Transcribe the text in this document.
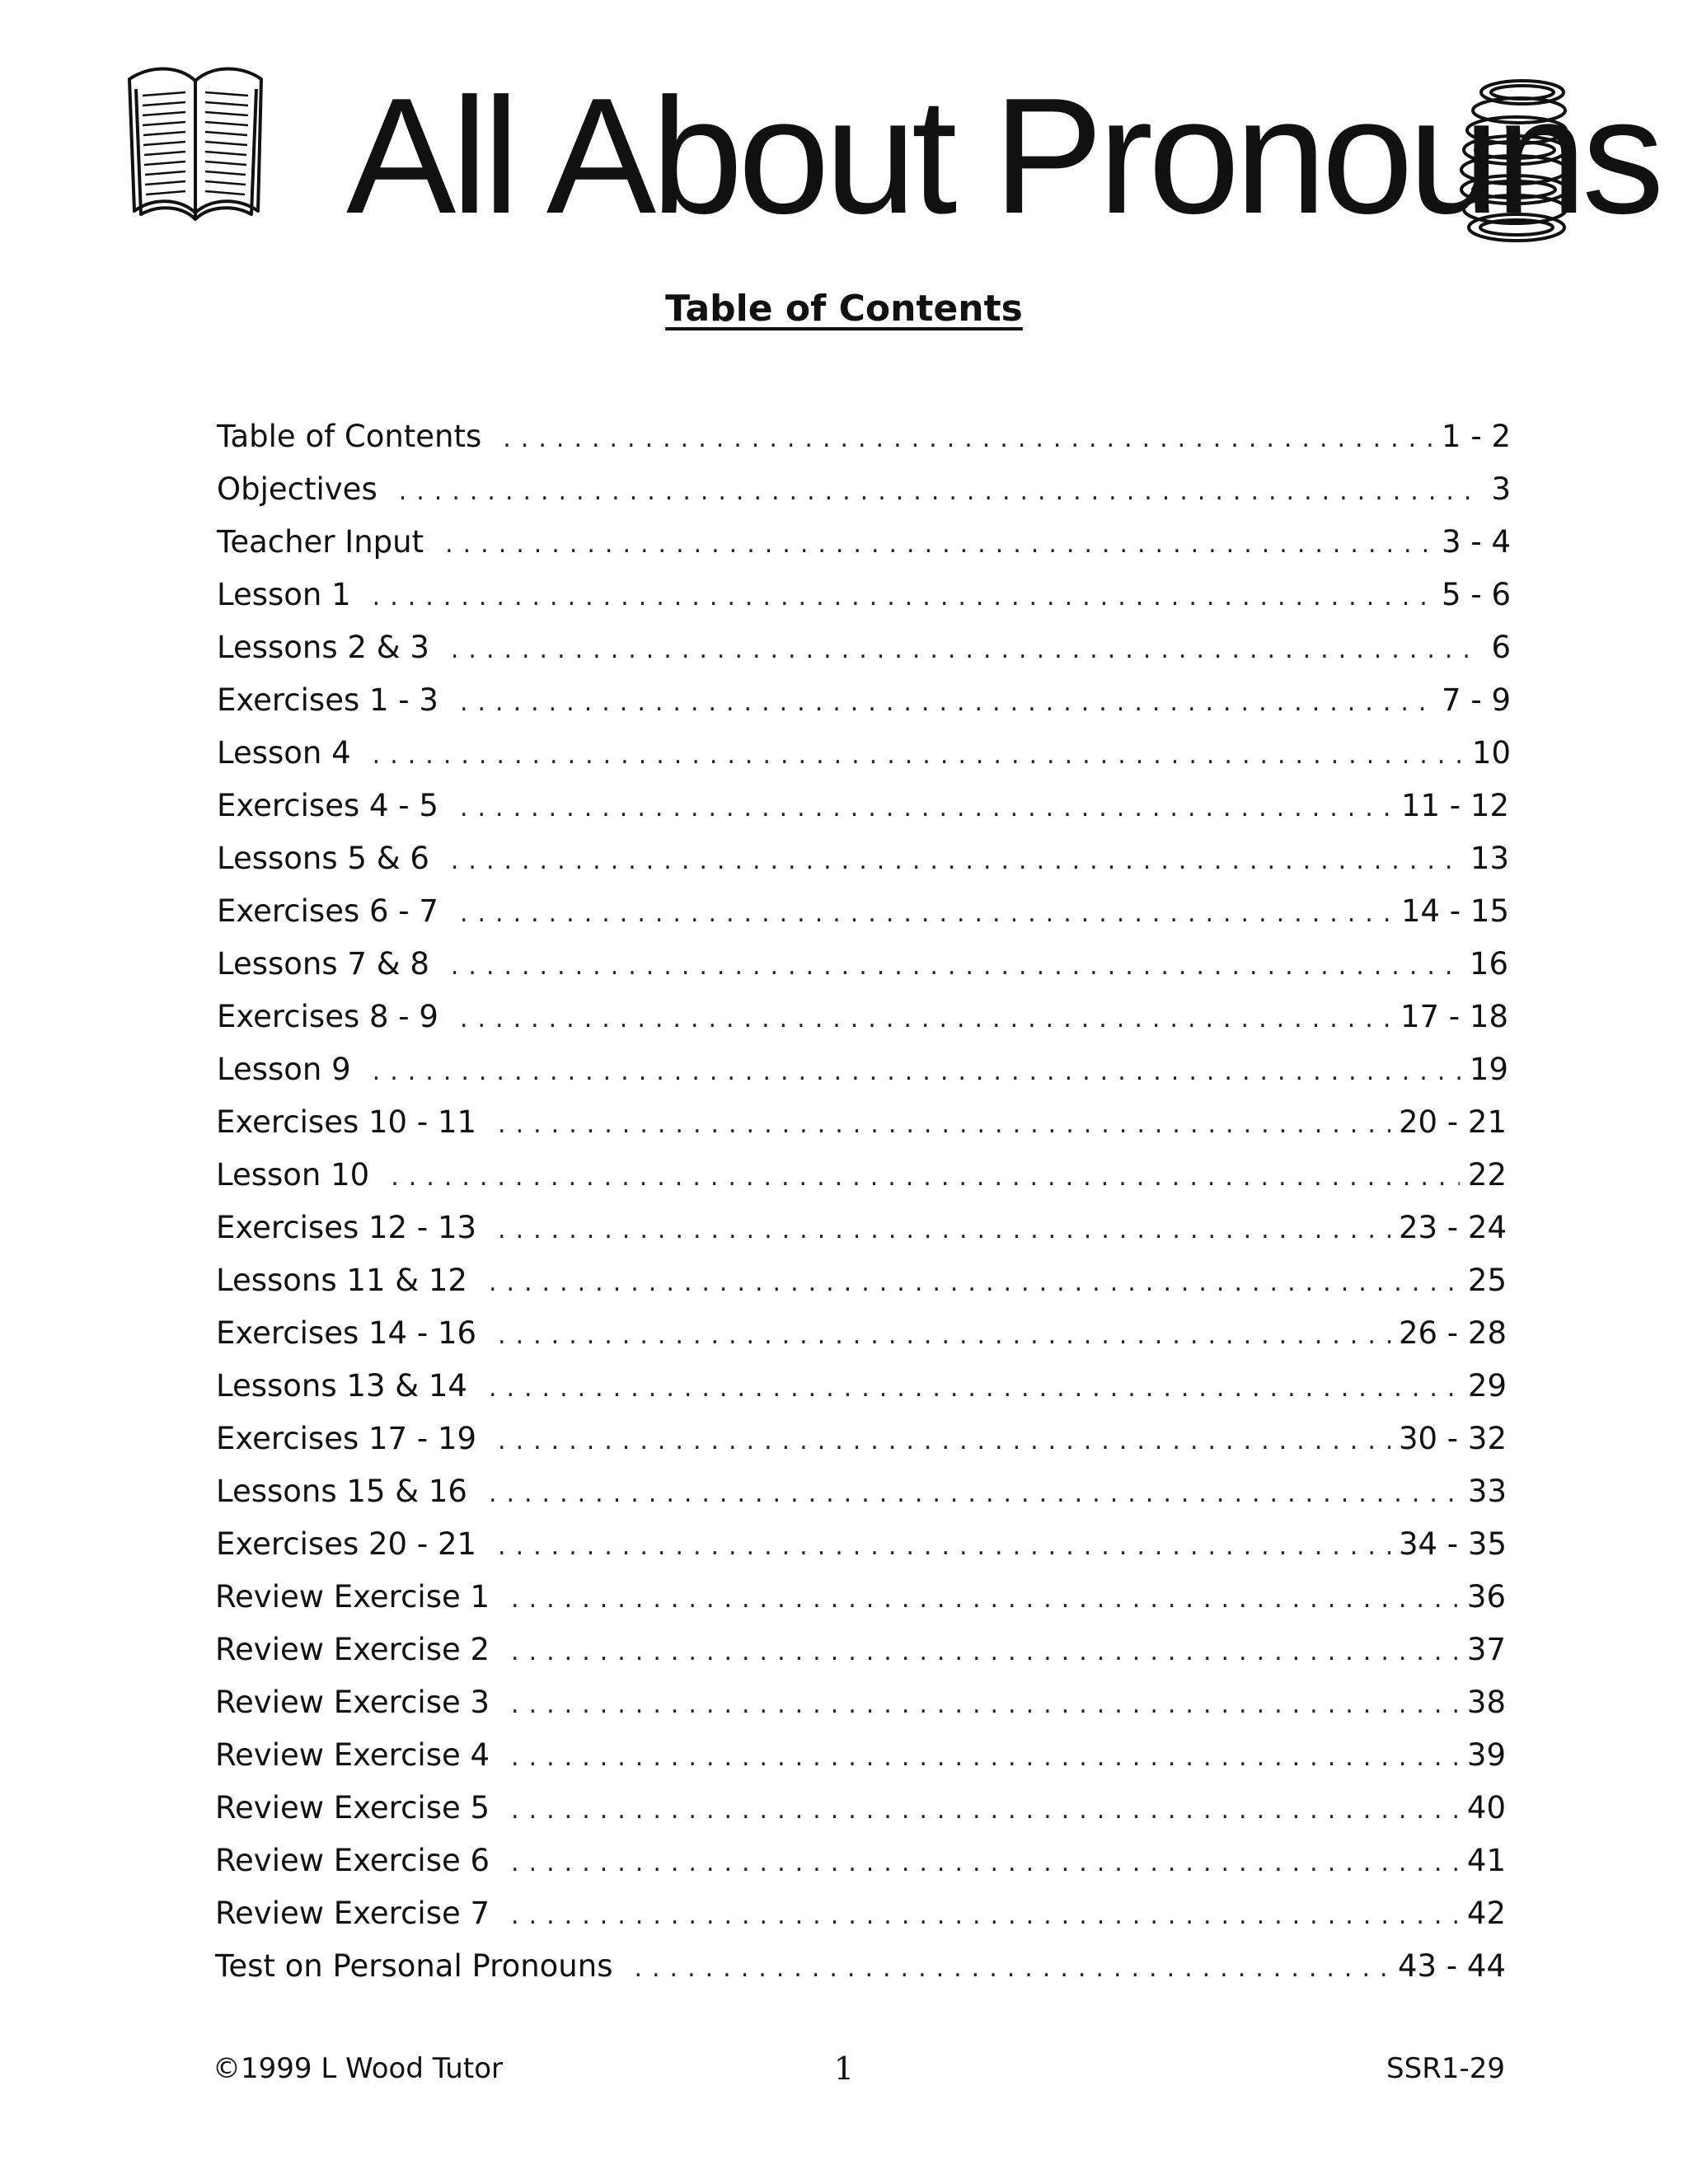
All About Pronouns
Table of Contents
Table of Contents .....	1 - 2
Objectives .....	3
Teacher Input .....	3 - 4
Lesson 1 .....	5 - 6
Lessons 2 & 3 .....	6
Exercises 1 - 3 .....	7 - 9
Lesson 4 .....	10
Exercises 4 - 5 .....	11 - 12
Lessons 5 & 6 .....	13
Exercises 6 - 7 .....	14 - 15
Lessons 7 & 8 .....	16
Exercises 8 - 9 .....	17 - 18
Lesson 9 .....	19
Exercises 10 - 11 .....	20 - 21
Lesson 10 .....	22
Exercises 12 - 13 .....	23 - 24
Lessons 11 & 12 .....	25
Exercises 14 - 16 .....	26 - 28
Lessons 13 & 14 .....	29
Exercises 17 - 19 .....	30 - 32
Lessons 15 & 16 .....	33
Exercises 20 - 21 .....	34 - 35
Review Exercise 1 .....	36
Review Exercise 2 .....	37
Review Exercise 3 .....	38
Review Exercise 4 .....	39
Review Exercise 5 .....	40
Review Exercise 6 .....	41
Review Exercise 7 .....	42
Test on Personal Pronouns .....	43 - 44
©1999 L Wood Tutor	1	SSR1-29
